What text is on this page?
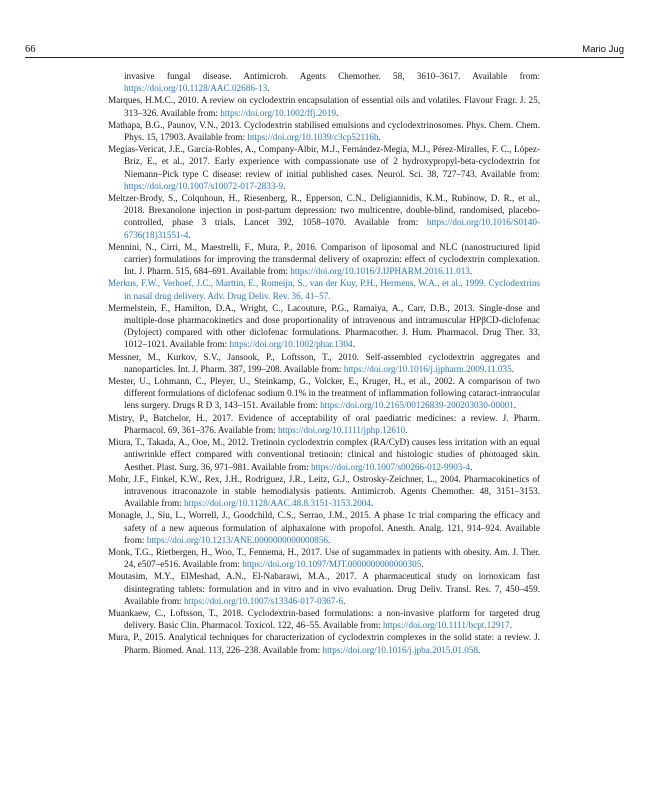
66	Mario Jug
invasive fungal disease. Antimicrob. Agents Chemother. 58, 3610–3617. Available from: https://doi.org/10.1128/AAC.02686-13.
Marques, H.M.C., 2010. A review on cyclodextrin encapsulation of essential oils and volatiles. Flavour Fragr. J. 25, 313–326. Available from: https://doi.org/10.1002/ffj.2019.
Mathapa, B.G., Paunov, V.N., 2013. Cyclodextrin stabilised emulsions and cyclodextrinosomes. Phys. Chem. Chem. Phys. 15, 17903. Available from: https://doi.org/10.1039/c3cp52116h.
Megías-Vericat, J.E., García-Robles, A., Company-Albir, M.J., Fernández-Megía, M.J., Pérez-Miralles, F. C., López-Briz, E., et al., 2017. Early experience with compassionate use of 2 hydroxypropyl-beta-cyclodextrin for Niemann–Pick type C disease: review of initial published cases. Neurol. Sci. 38, 727–743. Available from: https://doi.org/10.1007/s10072-017-2833-9.
Meltzer-Brody, S., Colquhoun, H., Riesenberg, R., Epperson, C.N., Deligiannidis, K.M., Rubinow, D. R., et al., 2018. Brexanolone injection in post-partum depression: two multicentre, double-blind, randomised, placebo-controlled, phase 3 trials. Lancet 392, 1058–1070. Available from: https://doi.org/10.1016/S0140-6736(18)31551-4.
Mennini, N., Cirri, M., Maestrelli, F., Mura, P., 2016. Comparison of liposomal and NLC (nanostructured lipid carrier) formulations for improving the transdermal delivery of oxaprozin: effect of cyclodextrin complexation. Int. J. Pharm. 515, 684–691. Available from: https://doi.org/10.1016/J.IJPHARM.2016.11.013.
Merkus, F.W., Verhoef, J.C., Marttin, E., Romeijn, S., van der Kuy, P.H., Hermens, W.A., et al., 1999. Cyclodextrins in nasal drug delivery. Adv. Drug Deliv. Rev. 36, 41–57.
Mermelstein, F., Hamilton, D.A., Wright, C., Lacouture, P.G., Ramaiya, A., Carr, D.B., 2013. Single-dose and multiple-dose pharmacokinetics and dose proportionality of intravenous and intramuscular HPβCD-diclofenac (Dyloject) compared with other diclofenac formulations. Pharmacother. J. Hum. Pharmacol. Drug Ther. 33, 1012–1021. Available from: https://doi.org/10.1002/phar.1304.
Messner, M., Kurkov, S.V., Jansook, P., Loftsson, T., 2010. Self-assembled cyclodextrin aggregates and nanoparticles. Int. J. Pharm. 387, 199–208. Available from: https://doi.org/10.1016/j.ijpharm.2009.11.035.
Mester, U., Lohmann, C., Pleyer, U., Steinkamp, G., Volcker, E., Kruger, H., et al., 2002. A comparison of two different formulations of diclofenac sodium 0.1% in the treatment of inflammation following cataract-intraocular lens surgery. Drugs R D 3, 143–151. Available from: https://doi.org/10.2165/00126839-200203030-00001.
Mistry, P., Batchelor, H., 2017. Evidence of acceptability of oral paediatric medicines: a review. J. Pharm. Pharmacol. 69, 361–376. Available from: https://doi.org/10.1111/jphp.12610.
Miura, T., Takada, A., Ooe, M., 2012. Tretinoin cyclodextrin complex (RA/CyD) causes less irritation with an equal antiwrinkle effect compared with conventional tretinoin: clinical and histologic studies of photoaged skin. Aesthet. Plast. Surg. 36, 971–981. Available from: https://doi.org/10.1007/s00266-012-9903-4.
Mohr, J.F., Finkel, K.W., Rex, J.H., Rodriguez, J.R., Leitz, G.J., Ostrosky-Zeichner, L., 2004. Pharmacokinetics of intravenous itraconazole in stable hemodialysis patients. Antimicrob. Agents Chemother. 48, 3151–3153. Available from: https://doi.org/10.1128/AAC.48.8.3151-3153.2004.
Monagle, J., Siu, L., Worrell, J., Goodchild, C.S., Serrao, J.M., 2015. A phase 1c trial comparing the efficacy and safety of a new aqueous formulation of alphaxalone with propofol. Anesth. Analg. 121, 914–924. Available from: https://doi.org/10.1213/ANE.0000000000000856.
Monk, T.G., Rietbergen, H., Woo, T., Fennema, H., 2017. Use of sugammadex in patients with obesity. Am. J. Ther. 24, e507–e516. Available from: https://doi.org/10.1097/MJT.0000000000000305.
Moutasim, M.Y., ElMeshad, A.N., El-Nabarawi, M.A., 2017. A pharmaceutical study on lornoxicam fast disintegrating tablets: formulation and in vitro and in vivo evaluation. Drug Deliv. Transl. Res. 7, 450–459. Available from: https://doi.org/10.1007/s13346-017-0367-6.
Muankaew, C., Loftsson, T., 2018. Cyclodextrin-based formulations: a non-invasive platform for targeted drug delivery. Basic Clin. Pharmacol. Toxicol. 122, 46–55. Available from: https://doi.org/10.1111/bcpt.12917.
Mura, P., 2015. Analytical techniques for characterization of cyclodextrin complexes in the solid state: a review. J. Pharm. Biomed. Anal. 113, 226–238. Available from: https://doi.org/10.1016/j.jpba.2015.01.058.
